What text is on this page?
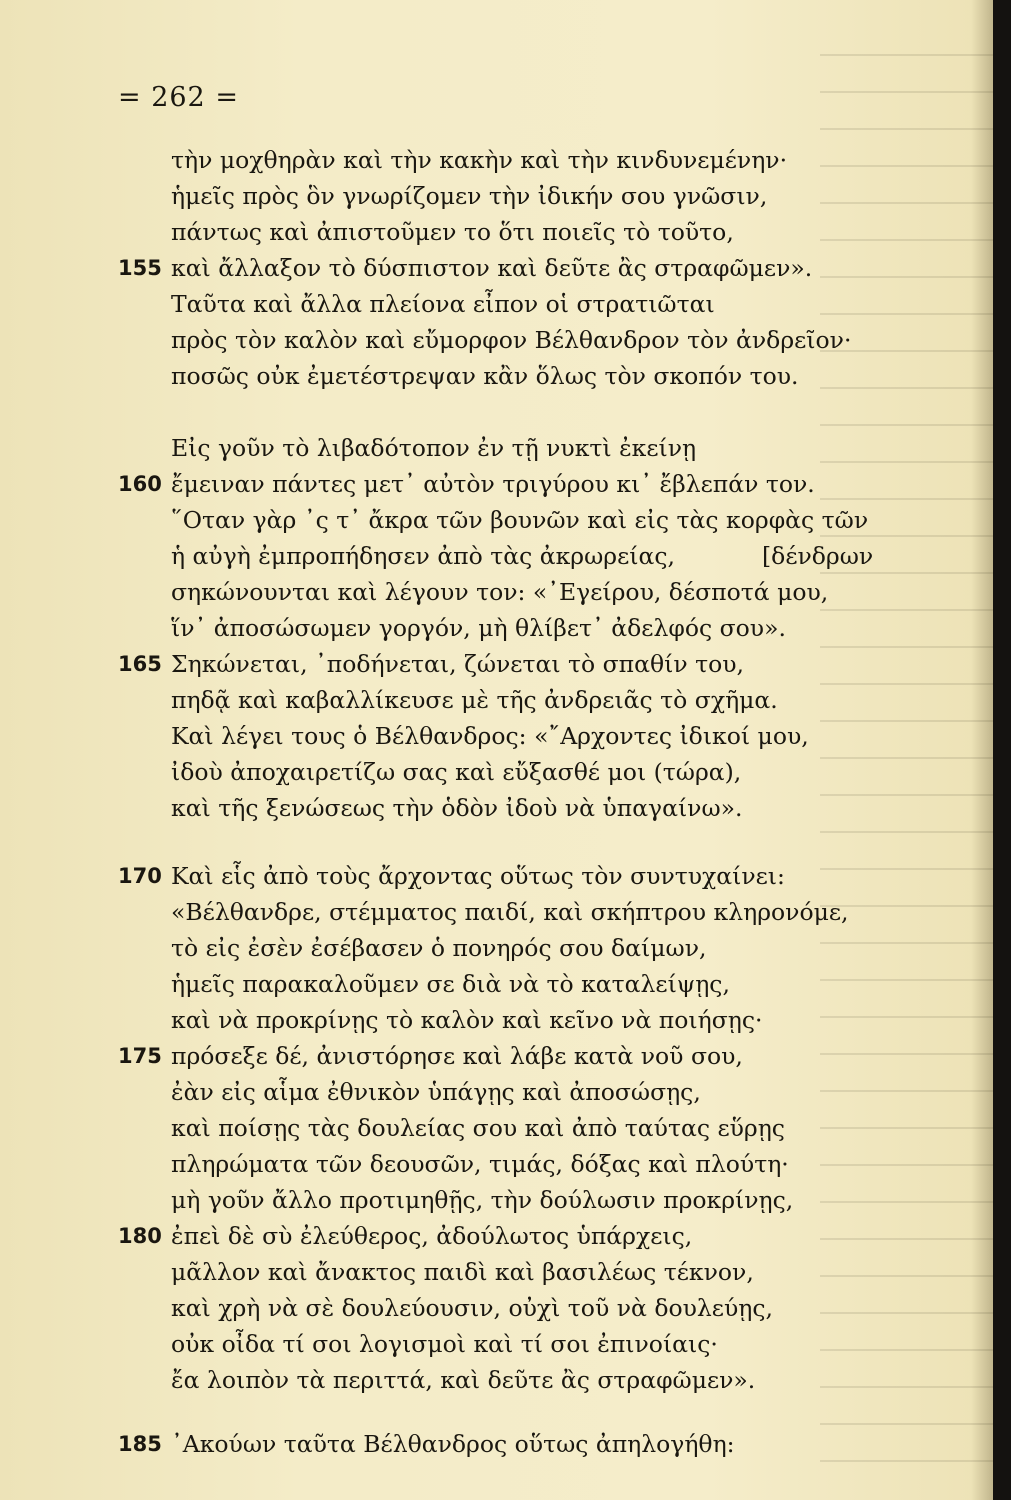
= 262 =
τὴν μοχθηρὰν καὶ τὴν κακὴν καὶ τὴν κινδυνεμένην·
ἡμεῖς πρὸς ὃν γνωρίζομεν τὴν ἰδικήν σου γνῶσιν,
πάντως καὶ ἀπιστοῦμεν το ὅτι ποιεῖς τὸ τοῦτο,
155 καὶ ἄλλαξον τὸ δύσπιστον καὶ δεῦτε ἂς στραφῶμεν».
Ταῦτα καὶ ἄλλα πλείονα εἶπον οἱ στρατιῶται
πρὸς τὸν καλὸν καὶ εὔμορφον Βέλθανδρον τὸν ἀνδρεῖον·
ποσῶς οὐκ ἐμετέστρεψαν κἂν ὅλως τὸν σκοπόν του.
Εἰς γοῦν τὸ λιβαδότοπον ἐν τῇ νυκτὶ ἐκείνῃ
160 ἔμειναν πάντες μετ᾽ αὐτὸν τριγύρου κι᾽ ἔβλεπάν τον.
῞Οταν γὰρ ᾽ς τ᾽ ἄκρα τῶν βουνῶν καὶ εἰς τὰς κορφὰς τῶν
ἡ αὐγὴ ἐμπροπήδησεν ἀπὸ τὰς ἀκρωρείας,	[δένδρων
σηκώνουνται καὶ λέγουν τον: «᾽Εγείρου, δέσποτά μου,
ἵν᾽ ἀποσώσωμεν γοργόν, μὴ θλίβετ᾽ ἀδελφός σου».
165 Σηκώνεται, ᾽ποδήνεται, ζώνεται τὸ σπαθίν του,
πηδᾷ καὶ καβαλλίκευσε μὲ τῆς ἀνδρειᾶς τὸ σχῆμα.
Καὶ λέγει τους ὁ Βέλθανδρος: «῎Αρχοντες ἰδικοί μου,
ἰδοὺ ἀποχαιρετίζω σας καὶ εὔξασθέ μοι (τώρα),
καὶ τῆς ξενώσεως τὴν ὁδὸν ἰδοὺ νὰ ὑπαγαίνω».
170 Καὶ εἷς ἀπὸ τοὺς ἄρχοντας οὕτως τὸν συντυχαίνει:
«Βέλθανδρε, στέμματος παιδί, καὶ σκήπτρου κληρονόμε,
τὸ εἰς ἐσὲν ἐσέβασεν ὁ πονηρός σου δαίμων,
ἡμεῖς παρακαλοῦμεν σε διὰ νὰ τὸ καταλείψῃς,
καὶ νὰ προκρίνῃς τὸ καλὸν καὶ κεῖνο νὰ ποιήσῃς·
175 πρόσεξε δέ, ἀνιστόρησε καὶ λάβε κατὰ νοῦ σου,
ἐὰν εἰς αἷμα ἐθνικὸν ὑπάγῃς καὶ ἀποσώσῃς,
καὶ ποίσῃς τὰς δουλείας σου καὶ ἀπὸ ταύτας εὕρῃς
πληρώματα τῶν δεουσῶν, τιμάς, δόξας καὶ πλούτη·
μὴ γοῦν ἄλλο προτιμηθῇς, τὴν δούλωσιν προκρίνῃς,
180 ἐπεὶ δὲ σὺ ἐλεύθερος, ἀδούλωτος ὑπάρχεις,
μᾶλλον καὶ ἄνακτος παιδὶ καὶ βασιλέως τέκνον,
καὶ χρὴ νὰ σὲ δουλεύουσιν, οὐχὶ τοῦ νὰ δουλεύῃς,
οὐκ οἶδα τί σοι λογισμοὶ καὶ τί σοι ἐπινοίαις·
ἔα λοιπὸν τὰ περιττά, καὶ δεῦτε ἂς στραφῶμεν».
185 ᾽Ακούων ταῦτα Βέλθανδρος οὕτως ἀπηλογήθη:
